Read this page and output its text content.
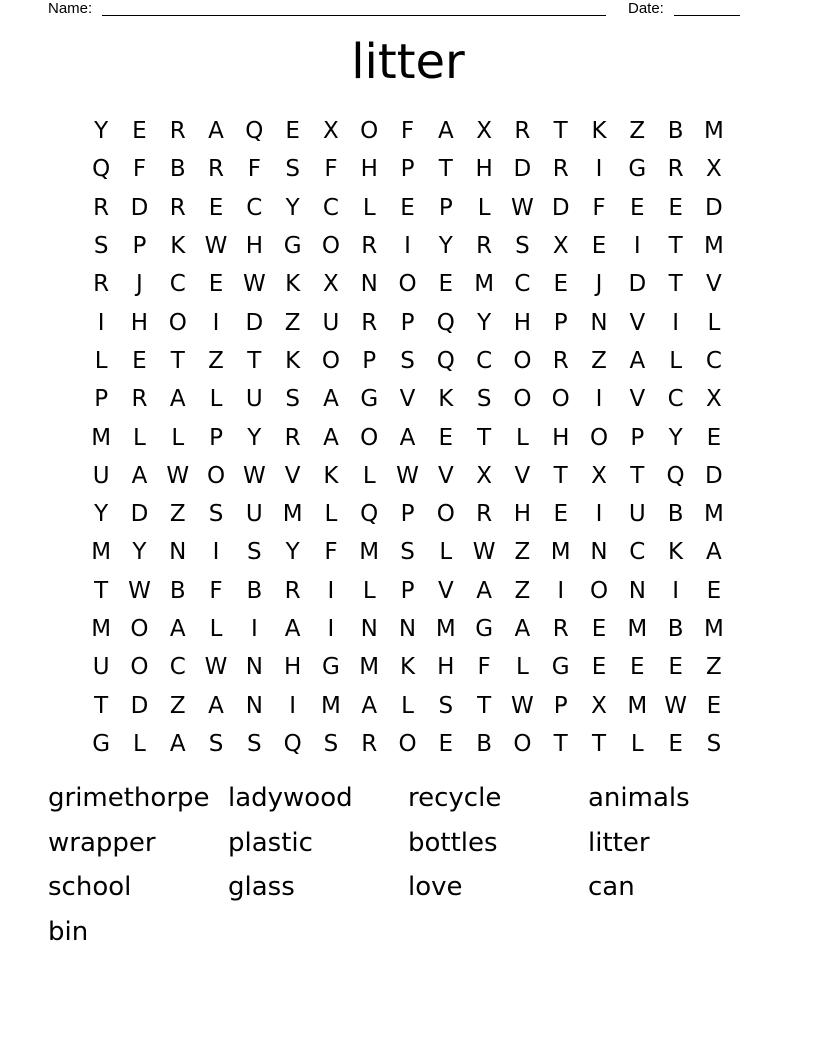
Name:	Date:
litter
Y	E	R A Q E	X O F	A X R	T	K Z B M
Q F	B R	F	S	F	H P	T H D R	I	G R X
R D R	E C	Y	C	L	E	P	L W D F	E	E D
S	P	K W H G O R	I	Y	R	S	X	E	I	T M
R	J	C	E W K X N O E M C	E	J	D T	V
I	H O	I	D Z U R	P Q Y H P N V	I	L
L	E	T	Z	T	K O P	S Q C O R Z A	L	C
P	R A	L	U S	A G V K	S O O	I	V C X
M L	L	P	Y	R A O A	E	T	L	H O P	Y	E
U A W O W V K	L W V X V	T	X	T Q D
Y D Z	S U M L Q P O R H E	I	U B M
M Y N	I	S	Y	F M S	L W Z M N C K A
T W B	F	B R	I	L	P	V A Z	I	O N	I	E
M O A	L	I	A	I	N N M G A R	E M B M
U O C W N H G M K H	F	L G E	E	E	Z
T D Z A N	I	M A	L	S	T W P	X M W E
G L	A	S	S Q S	R O E	B O T	T	L	E	S
grimethorpe ladywood	recycle	animals
wrapper	plastic	bottles	litter
school	glass	love	can
bin
